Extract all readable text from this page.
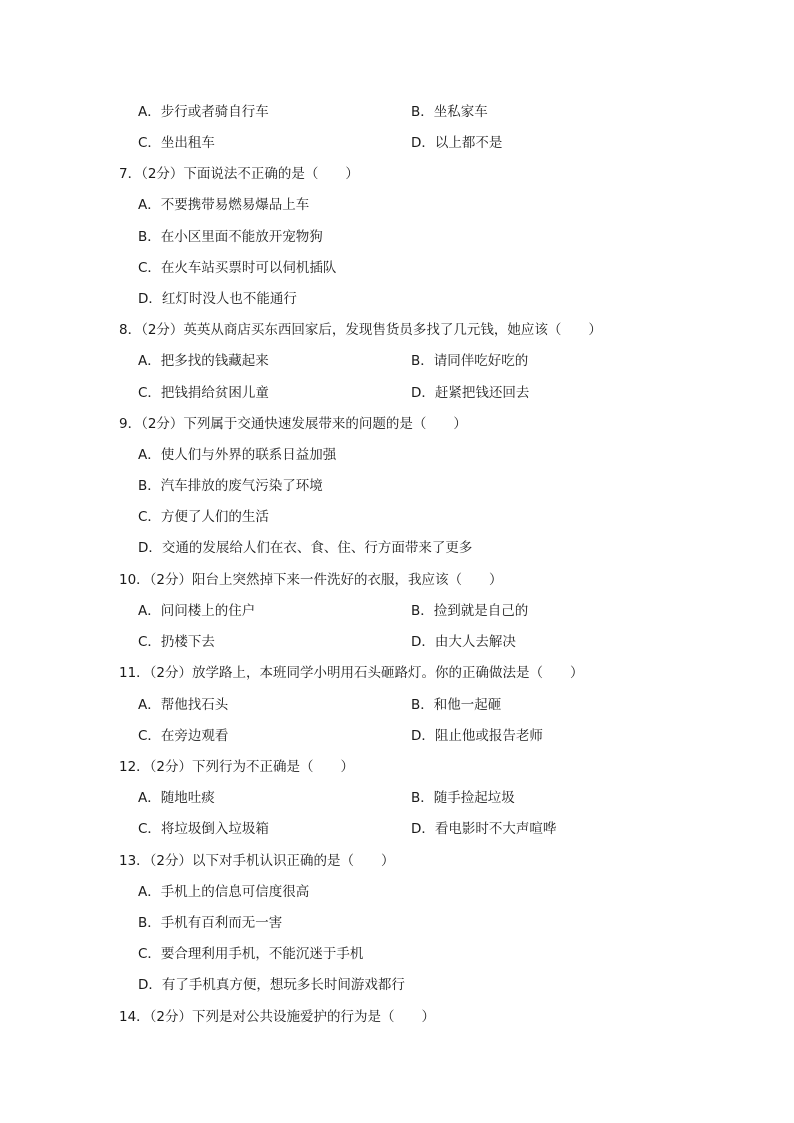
A．步行或者骑自行车	B．坐私家车
C．坐出租车	D．以上都不是
7．（2分）下面说法不正确的是（　　）
A．不要携带易燃易爆品上车
B．在小区里面不能放开宠物狗
C．在火车站买票时可以伺机插队
D．红灯时没人也不能通行
8．（2分）英英从商店买东西回家后，发现售货员多找了几元钱，她应该（　　）
A．把多找的钱藏起来	B．请同伴吃好吃的
C．把钱捐给贫困儿童	D．赶紧把钱还回去
9．（2分）下列属于交通快速发展带来的问题的是（　　）
A．使人们与外界的联系日益加强
B．汽车排放的废气污染了环境
C．方便了人们的生活
D．交通的发展给人们在衣、食、住、行方面带来了更多
10．（2分）阳台上突然掉下来一件洗好的衣服，我应该（　　）
A．问问楼上的住户	B．捡到就是自己的
C．扔楼下去	D．由大人去解决
11．（2分）放学路上，本班同学小明用石头砸路灯。你的正确做法是（　　）
A．帮他找石头	B．和他一起砸
C．在旁边观看	D．阻止他或报告老师
12．（2分）下列行为不正确是（　　）
A．随地吐痰	B．随手捡起垃圾
C．将垃圾倒入垃圾箱	D．看电影时不大声喧哗
13．（2分）以下对手机认识正确的是（　　）
A．手机上的信息可信度很高
B．手机有百利而无一害
C．要合理利用手机，不能沉迷于手机
D．有了手机真方便，想玩多长时间游戏都行
14．（2分）下列是对公共设施爱护的行为是（　　）
